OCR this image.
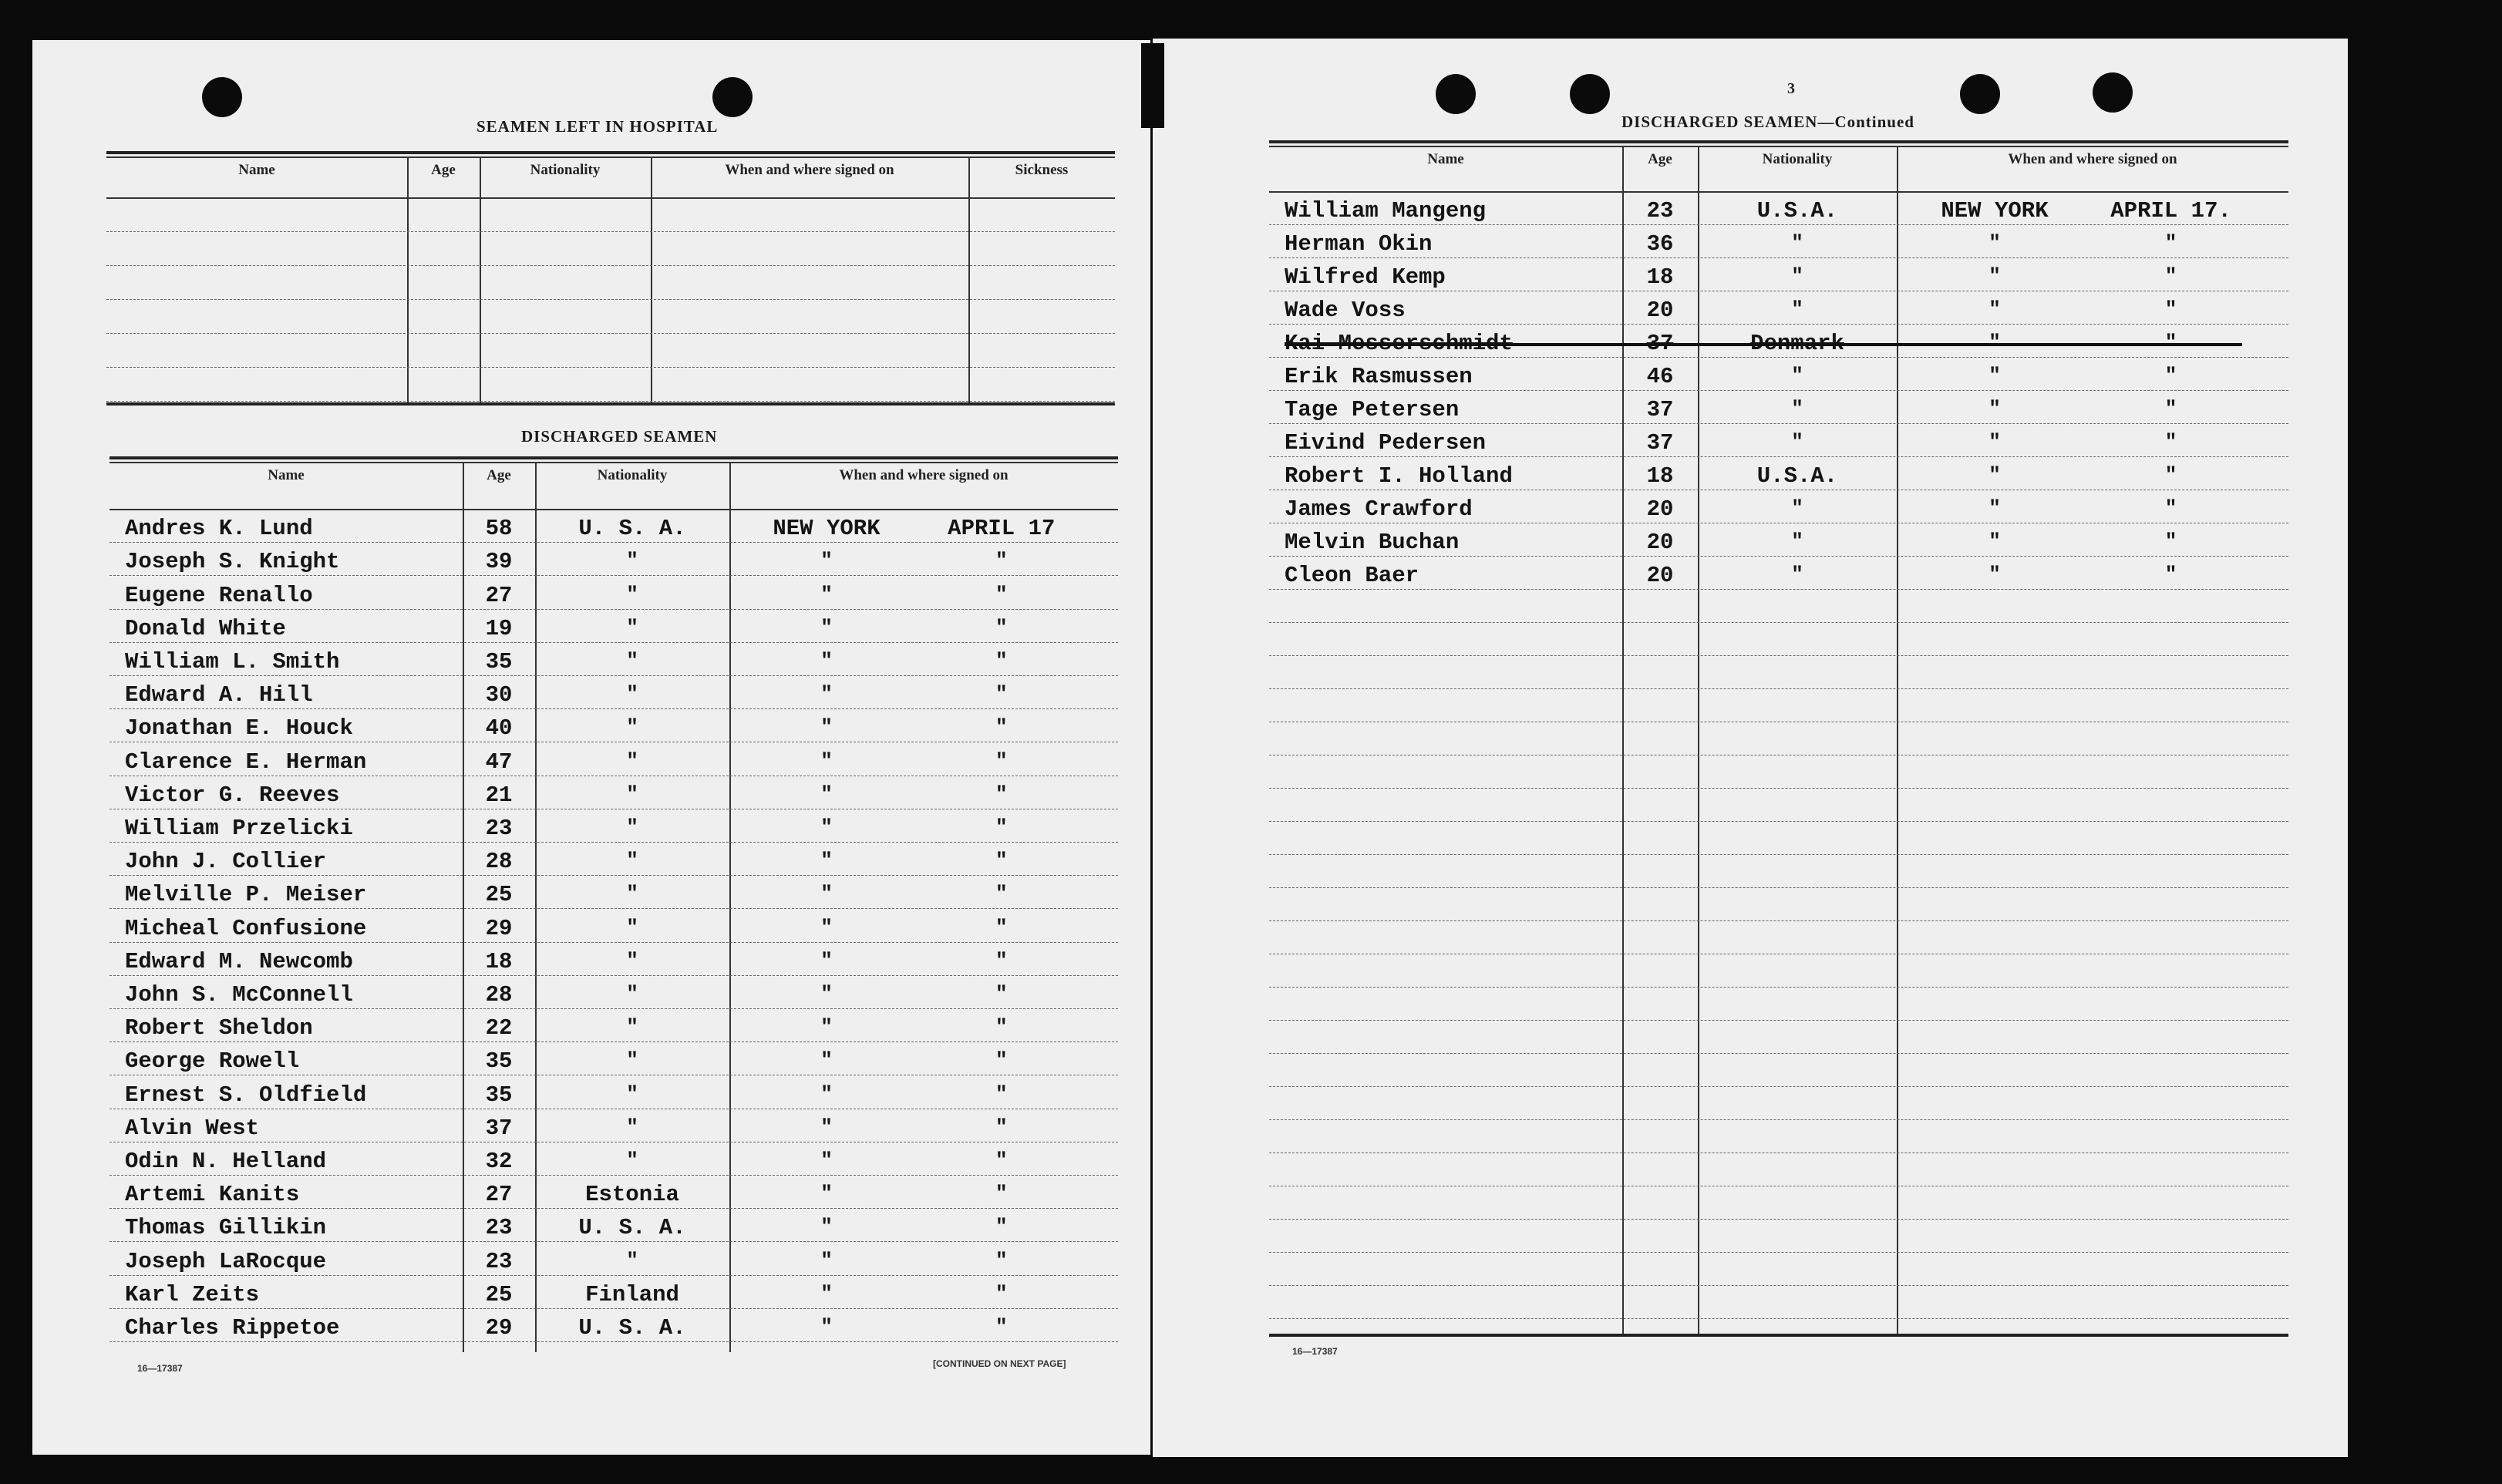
SEAMEN LEFT IN HOSPITAL
Name	Age	Nationality	When and where signed on	Sickness
DISCHARGED SEAMEN
Name	Age	Nationality	When and where signed on
Andres K. Lund	58	U. S. A.	NEW YORK	APRIL 17
Joseph S. Knight	39	"	"	"
Eugene Renallo	27	"	"	"
Donald White	19	"	"	"
William L. Smith	35	"	"	"
Edward A. Hill	30	"	"	"
Jonathan E. Houck	40	"	"	"
Clarence E. Herman	47	"	"	"
Victor G. Reeves	21	"	"	"
William Przelicki	23	"	"	"
John J. Collier	28	"	"	"
Melville P. Meiser	25	"	"	"
Micheal Confusione	29	"	"	"
Edward M. Newcomb	18	"	"	"
John S. McConnell	28	"	"	"
Robert Sheldon	22	"	"	"
George Rowell	35	"	"	"
Ernest S. Oldfield	35	"	"	"
Alvin West	37	"	"	"
Odin N. Helland	32	"	"	"
Artemi Kanits	27	Estonia	"	"
Thomas Gillikin	23	U. S. A.	"	"
Joseph LaRocque	23	"	"	"
Karl Zeits	25	Finland	"	"
Charles Rippetoe	29	U. S. A.	"	"
16—17387	[CONTINUED ON NEXT PAGE]
3
DISCHARGED SEAMEN—Continued
Name	Age	Nationality	When and where signed on
William Mangeng	23	U.S.A.	NEW YORK	APRIL 17.
Herman Okin	36	"	"	"
Wilfred Kemp	18	"	"	"
Wade Voss	20	"	"	"
Kai Messerschmidt	37	Denmark	"	"
Erik Rasmussen	46	"	"	"
Tage Petersen	37	"	"	"
Eivind Pedersen	37	"	"	"
Robert I. Holland	18	U.S.A.	"	"
James Crawford	20	"	"	"
Melvin Buchan	20	"	"	"
Cleon Baer	20	"	"	"
16—17387
